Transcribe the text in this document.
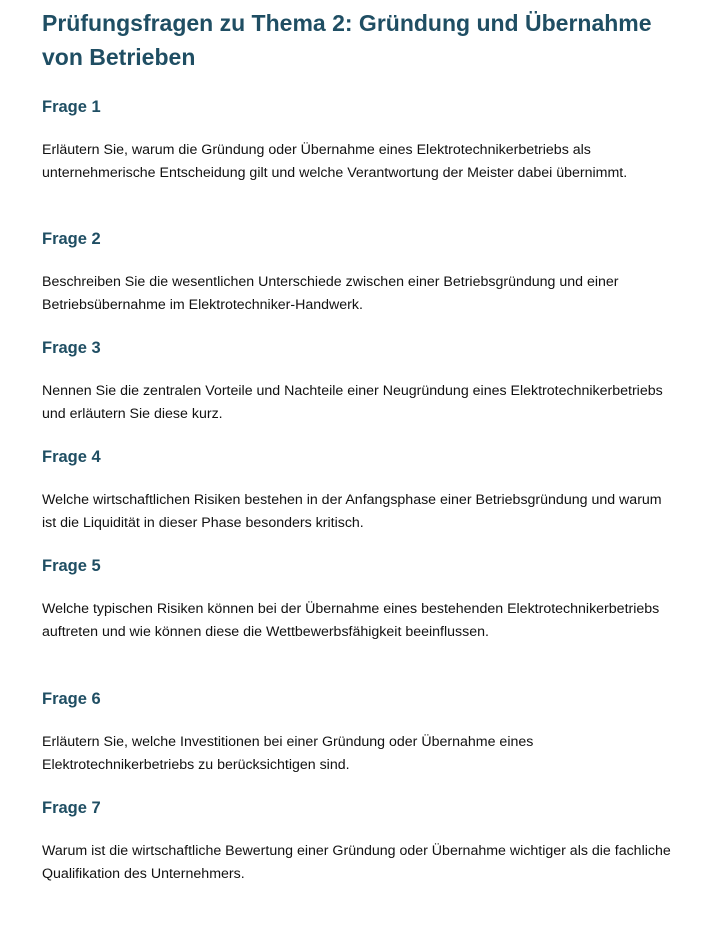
Prüfungsfragen zu Thema 2: Gründung und Übernahme von Betrieben
Frage 1

Erläutern Sie, warum die Gründung oder Übernahme eines Elektrotechnikerbetriebs als unternehmerische Entscheidung gilt und welche Verantwortung der Meister dabei übernimmt.

Frage 2

Beschreiben Sie die wesentlichen Unterschiede zwischen einer Betriebsgründung und einer Betriebsübernahme im Elektrotechniker-Handwerk.

Frage 3

Nennen Sie die zentralen Vorteile und Nachteile einer Neugründung eines Elektrotechnikerbetriebs und erläutern Sie diese kurz.

Frage 4

Welche wirtschaftlichen Risiken bestehen in der Anfangsphase einer Betriebsgründung und warum ist die Liquidität in dieser Phase besonders kritisch.

Frage 5

Welche typischen Risiken können bei der Übernahme eines bestehenden Elektrotechnikerbetriebs auftreten und wie können diese die Wettbewerbsfähigkeit beeinflussen.

Frage 6

Erläutern Sie, welche Investitionen bei einer Gründung oder Übernahme eines Elektrotechnikerbetriebs zu berücksichtigen sind.

Frage 7

Warum ist die wirtschaftliche Bewertung einer Gründung oder Übernahme wichtiger als die fachliche Qualifikation des Unternehmers.
